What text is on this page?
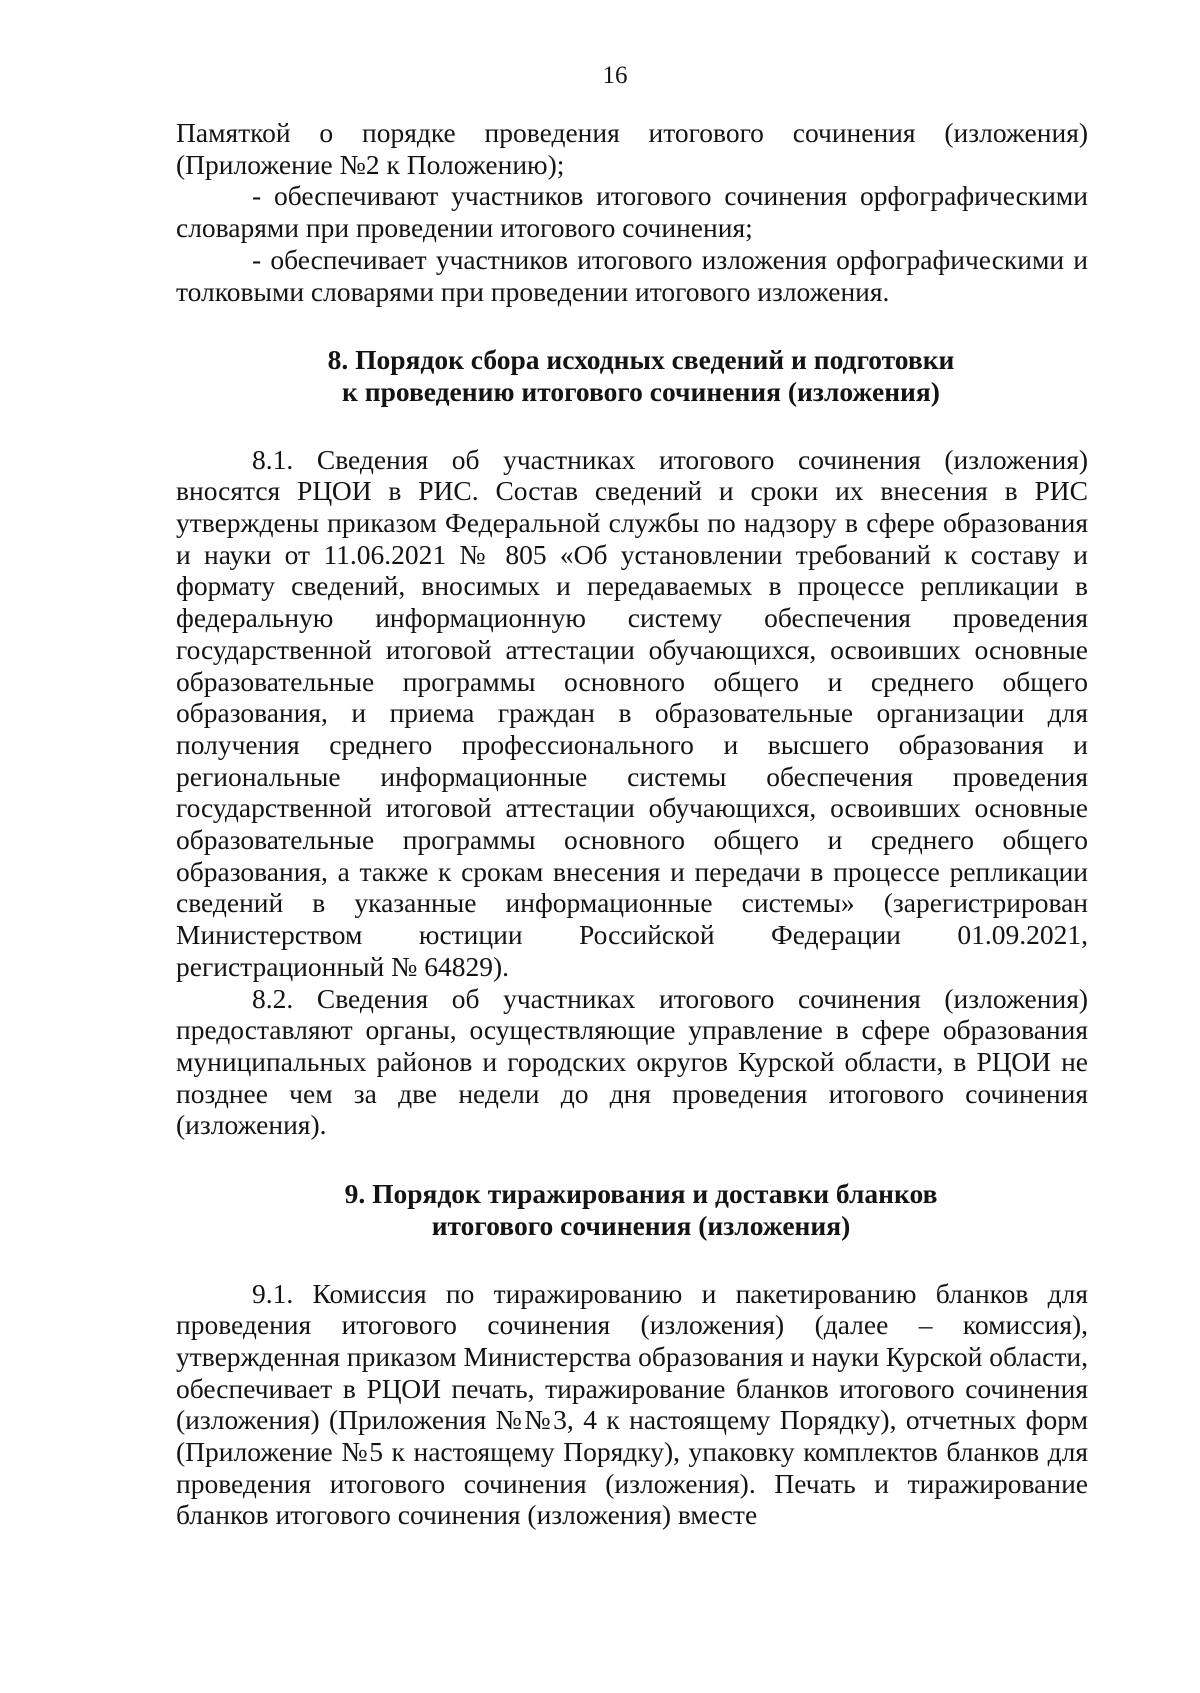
16

Памяткой о порядке проведения итогового сочинения (изложения) (Приложение №2 к Положению);

- обеспечивают участников итогового сочинения орфографическими словарями при проведении итогового сочинения;

- обеспечивает участников итогового изложения орфографическими и толковыми словарями при проведении итогового изложения.

8. Порядок сбора исходных сведений и подготовки
к проведению итогового сочинения (изложения)

8.1. Сведения об участниках итогового сочинения (изложения) вносятся РЦОИ в РИС. Состав сведений и сроки их внесения в РИС утверждены приказом Федеральной службы по надзору в сфере образования и науки от 11.06.2021 № 805 «Об установлении требований к составу и формату сведений, вносимых и передаваемых в процессе репликации в федеральную информационную систему обеспечения проведения государственной итоговой аттестации обучающихся, освоивших основные образовательные программы основного общего и среднего общего образования, и приема граждан в образовательные организации для получения среднего профессионального и высшего образования и региональные информационные системы обеспечения проведения государственной итоговой аттестации обучающихся, освоивших основные образовательные программы основного общего и среднего общего образования, а также к срокам внесения и передачи в процессе репликации сведений в указанные информационные системы» (зарегистрирован Министерством юстиции Российской Федерации 01.09.2021, регистрационный № 64829).

8.2. Сведения об участниках итогового сочинения (изложения) предоставляют органы, осуществляющие управление в сфере образования муниципальных районов и городских округов Курской области, в РЦОИ не позднее чем за две недели до дня проведения итогового сочинения (изложения).

9. Порядок тиражирования и доставки бланков
итогового сочинения (изложения)

9.1. Комиссия по тиражированию и пакетированию бланков для проведения итогового сочинения (изложения) (далее – комиссия), утвержденная приказом Министерства образования и науки Курской области, обеспечивает в РЦОИ печать, тиражирование бланков итогового сочинения (изложения) (Приложения №№3, 4 к настоящему Порядку), отчетных форм (Приложение №5 к настоящему Порядку), упаковку комплектов бланков для проведения итогового сочинения (изложения). Печать и тиражирование бланков итогового сочинения (изложения) вместе
